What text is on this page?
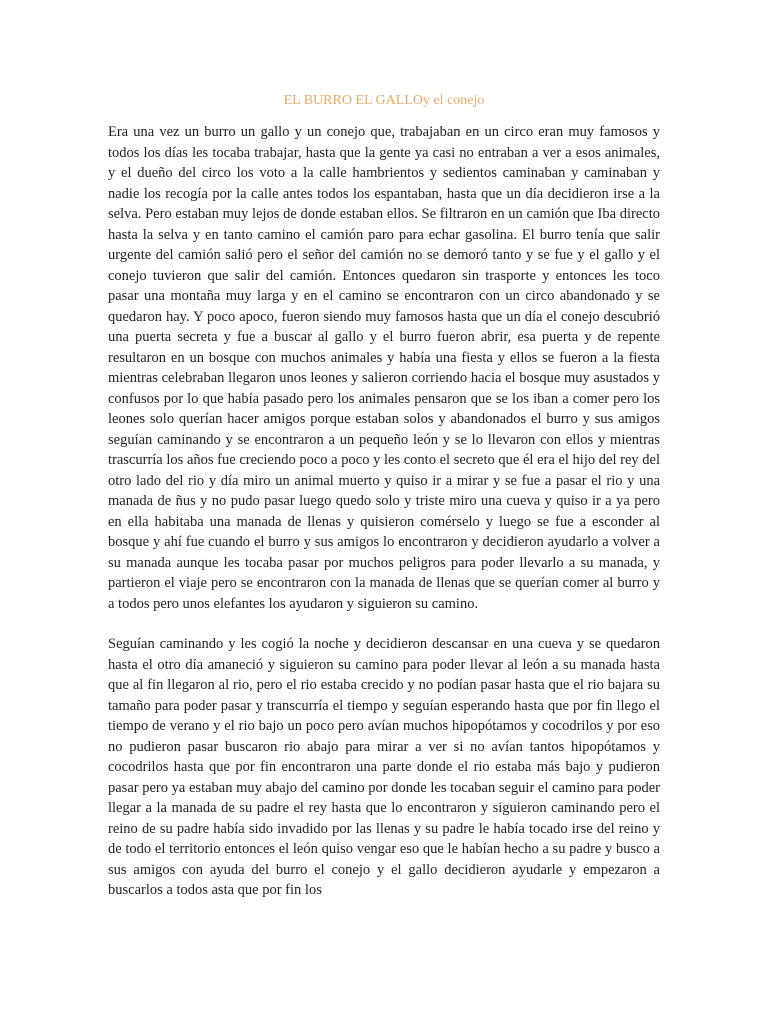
EL BURRO EL GALLOy el conejo

Era una vez un burro un gallo y un conejo que, trabajaban en un circo eran muy famosos y todos los días les tocaba trabajar, hasta que la gente ya casi no entraban a ver a esos animales, y el dueño del circo los voto a la calle hambrientos y sedientos caminaban y caminaban y nadie los recogía por la calle antes todos los espantaban, hasta que un día decidieron irse a la selva. Pero estaban muy lejos de donde estaban ellos. Se filtraron en un camión que Iba directo hasta la selva y en tanto camino el camión paro para echar gasolina. El burro tenía que salir urgente del camión salió pero el señor del camión no se demoró tanto y se fue y el gallo y el conejo tuvieron que salir del camión. Entonces quedaron sin trasporte y entonces les toco pasar una montaña muy larga y en el camino se encontraron con un circo abandonado y se quedaron hay. Y poco apoco, fueron siendo muy famosos hasta que un día el conejo descubrió una puerta secreta y fue a buscar al gallo y el burro fueron abrir, esa puerta y de repente resultaron en un bosque con muchos animales y había una fiesta y ellos se fueron a la fiesta mientras celebraban llegaron unos leones y salieron corriendo hacia el bosque muy asustados y confusos por lo que había pasado pero los animales pensaron que se los iban a comer pero los leones solo querían hacer amigos porque estaban solos y abandonados el burro y sus amigos seguían caminando y se encontraron a un pequeño león y se lo llevaron con ellos y mientras trascurría los años fue creciendo poco a poco y les conto el secreto que él era el hijo del rey del otro lado del rio y día miro un animal muerto y quiso ir a mirar y se fue a pasar el rio y una manada de ñus y no pudo pasar luego quedo solo y triste miro una cueva y quiso ir a ya pero en ella habitaba una manada de llenas y quisieron comérselo y luego se fue a esconder al bosque y ahí fue cuando el burro y sus amigos lo encontraron y decidieron ayudarlo a volver a su manada aunque les tocaba pasar por muchos peligros para poder llevarlo a su manada, y partieron el viaje pero se encontraron con la manada de llenas que se querían comer al burro y a todos pero unos elefantes los ayudaron y siguieron su camino.

Seguían caminando y les cogió la noche y decidieron descansar en una cueva y se quedaron hasta el otro día amaneció y siguieron su camino para poder llevar al león a su manada hasta que al fin llegaron al rio, pero el rio estaba crecido y no podían pasar hasta que el rio bajara su tamaño para poder pasar y transcurría el tiempo y seguían esperando hasta que por fin llego el tiempo de verano y el rio bajo un poco pero avían muchos hipopótamos y cocodrilos y por eso no pudieron pasar buscaron rio abajo para mirar a ver si no avían tantos hipopótamos y cocodrilos hasta que por fin encontraron una parte donde el rio estaba más bajo y pudieron pasar pero ya estaban muy abajo del camino por donde les tocaban seguir el camino para poder llegar a la manada de su padre el rey hasta que lo encontraron y siguieron caminando pero el reino de su padre había sido invadido por las llenas y su padre le había tocado irse del reino y de todo el territorio entonces el león quiso vengar eso que le habían hecho a su padre y busco a sus amigos con ayuda del burro el conejo y el gallo decidieron ayudarle y empezaron a buscarlos a todos asta que por fin los
